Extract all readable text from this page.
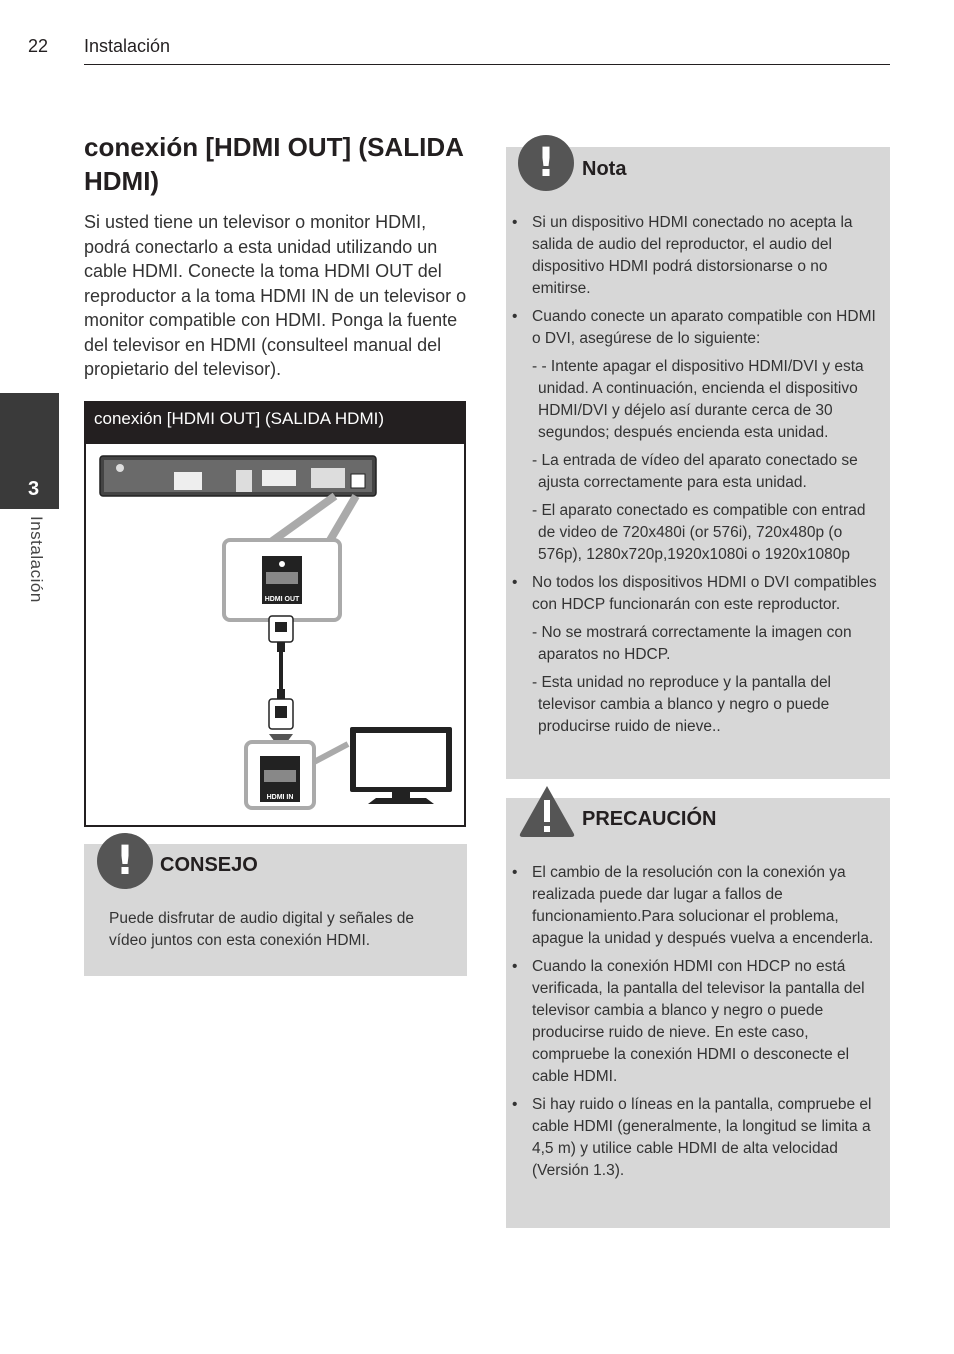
22 Instalación
3
Instalación
conexión [HDMI OUT] (SALIDA HDMI)
Si usted tiene un televisor o monitor HDMI, podrá conectarlo a esta unidad utilizando un cable HDMI. Conecte la toma HDMI OUT del reproductor a la toma HDMI IN de un televisor o monitor compatible con HDMI. Ponga la fuente del televisor en HDMI (consulteel manual del propietario del televisor).
conexión [HDMI OUT] (SALIDA HDMI)
HDMI OUT
HDMI IN
!	CONSEJO
Puede disfrutar de audio digital y señales de vídeo juntos con esta conexión HDMI.
!	Nota
• Si un dispositivo HDMI conectado no acepta la salida de audio del reproductor, el audio del dispositivo HDMI podrá distorsionarse o no emitirse.
• Cuando conecte un aparato compatible con HDMI o DVI, asegúrese de lo siguiente:
- - Intente apagar el dispositivo HDMI/DVI y esta unidad. A continuación, encienda el dispositivo HDMI/DVI y déjelo así durante cerca de 30 segundos; después encienda esta unidad.
- La entrada de vídeo del aparato conectado se ajusta correctamente para esta unidad.
- El aparato conectado es compatible con entrad de video de 720x480i (or 576i), 720x480p (o 576p), 1280x720p,1920x1080i o 1920x1080p
• No todos los dispositivos HDMI o DVI compatibles con HDCP funcionarán con este reproductor.
- No se mostrará correctamente la imagen con aparatos no HDCP.
- Esta unidad no reproduce y la pantalla del televisor cambia a blanco y negro o puede producirse ruido de nieve..
PRECAUCIÓN
• El cambio de la resolución con la conexión ya realizada puede dar lugar a fallos de funcionamiento.Para solucionar el problema, apague la unidad y después vuelva a encenderla.
• Cuando la conexión HDMI con HDCP no está verificada, la pantalla del televisor la pantalla del televisor cambia a blanco y negro o puede producirse ruido de nieve. En este caso, compruebe la conexión HDMI o desconecte el cable HDMI.
• Si hay ruido o líneas en la pantalla, compruebe el cable HDMI (generalmente, la longitud se limita a 4,5 m) y utilice cable HDMI de alta velocidad (Versión 1.3).
